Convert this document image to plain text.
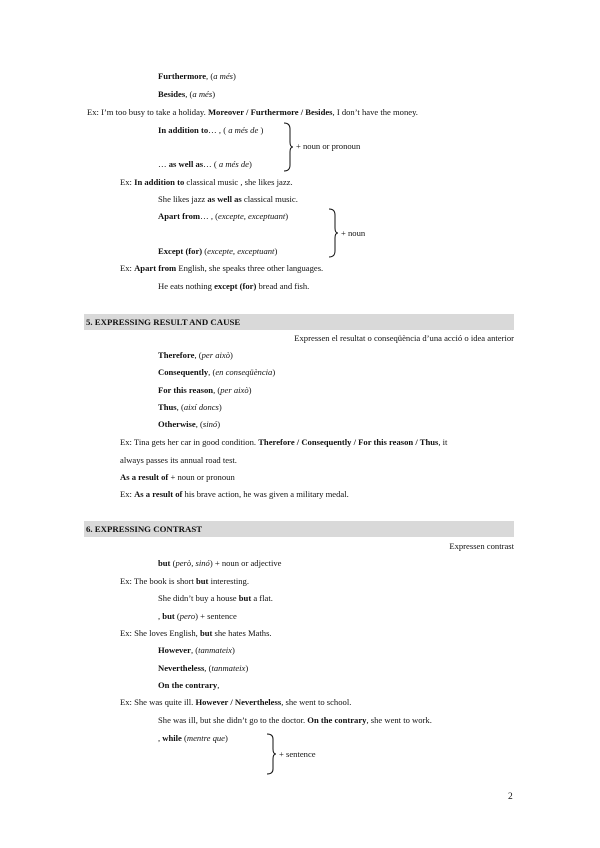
Furthermore, (a més)
Besides, (a més)
Ex: I’m too busy to take a holiday. Moreover / Furthermore / Besides, I don’t have the money.
In addition to… , ( a més de )
… as well as… ( a més de)
+ noun or pronoun
Ex: In addition to classical music , she likes jazz.
She likes jazz as well as classical music.
Apart from… , (excepte, exceptuant)
Except (for) (excepte, exceptuant)
+ noun
Ex: Apart from English, she speaks three other languages.
He eats nothing except (for) bread and fish.
5. EXPRESSING RESULT AND CAUSE
Expressen el resultat o conseqüència d’una acció o idea anterior
Therefore, (per això)
Consequently, (en conseqüència)
For this reason, (per això)
Thus, (així doncs)
Otherwise, (sinó)
Ex: Tina gets her car in good condition. Therefore / Consequently / For this reason / Thus, it
always passes its annual road test.
As a result of + noun or pronoun
Ex: As a result of his brave action, he was given a military medal.
6. EXPRESSING CONTRAST
Expressen contrast
but (però, sinó) + noun or adjective
Ex: The book is short but interesting.
She didn’t buy a house but a flat.
, but (pero) + sentence
Ex: She loves English, but she hates Maths.
However, (tanmateix)
Nevertheless, (tanmateix)
On the contrary,
Ex: She was quite ill. However / Nevertheless, she went to school.
She was ill, but she didn’t go to the doctor. On the contrary, she went to work.
, while (mentre que)
+ sentence
2
